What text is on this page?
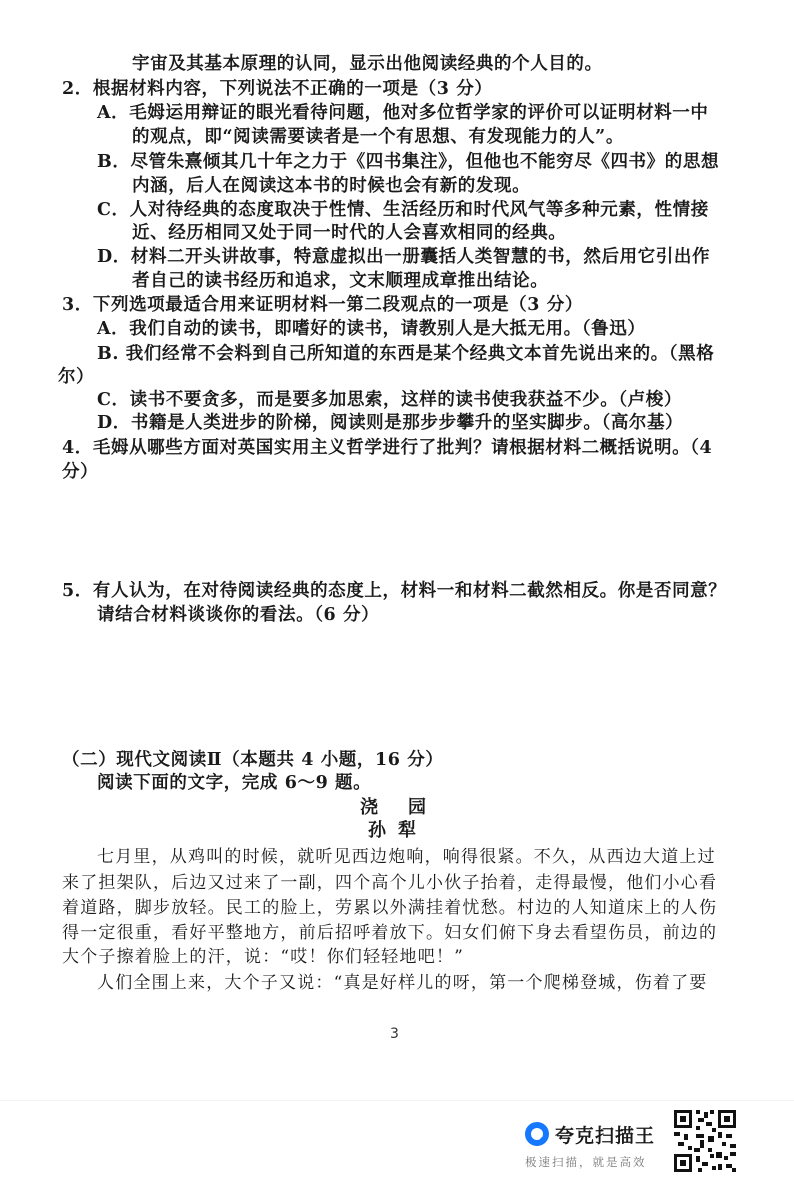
宇宙及其基本原理的认同，显示出他阅读经典的个人目的。
2．根据材料内容，下列说法不正确的一项是（3 分）
A．毛姆运用辩证的眼光看待问题，他对多位哲学家的评价可以证明材料一中
的观点，即“阅读需要读者是一个有思想、有发现能力的人”。
B．尽管朱熹倾其几十年之力于《四书集注》，但他也不能穷尽《四书》的思想
内涵，后人在阅读这本书的时候也会有新的发现。
C．人对待经典的态度取决于性情、生活经历和时代风气等多种元素，性情接
近、经历相同又处于同一时代的人会喜欢相同的经典。
D．材料二开头讲故事，特意虚拟出一册囊括人类智慧的书，然后用它引出作
者自己的读书经历和追求，文末顺理成章推出结论。
3．下列选项最适合用来证明材料一第二段观点的一项是（3 分）
A．我们自动的读书，即嗜好的读书，请教别人是大抵无用。（鲁迅）
B. 我们经常不会料到自己所知道的东西是某个经典文本首先说出来的。（黑格
尔）
C．读书不要贪多，而是要多加思索，这样的读书使我获益不少。（卢梭）
D．书籍是人类进步的阶梯，阅读则是那步步攀升的坚实脚步。（高尔基）
4．毛姆从哪些方面对英国实用主义哲学进行了批判？请根据材料二概括说明。（4
分）
5．有人认为，在对待阅读经典的态度上，材料一和材料二截然相反。你是否同意？
请结合材料谈谈你的看法。（6 分）
（二）现代文阅读Ⅱ（本题共 4 小题，16 分）
阅读下面的文字，完成 6～9 题。
浇园
孙犁
七月里，从鸡叫的时候，就听见西边炮响，响得很紧。不久，从西边大道上过
来了担架队，后边又过来了一副，四个高个儿小伙子抬着，走得最慢，他们小心看
着道路，脚步放轻。民工的脸上，劳累以外满挂着忧愁。村边的人知道床上的人伤
得一定很重，看好平整地方，前后招呼着放下。妇女们俯下身去看望伤员，前边的
大个子擦着脸上的汗，说：“哎！你们轻轻地吧！”
人们全围上来，大个子又说：“真是好样儿的呀，第一个爬梯登城，伤着了要
3
夸克扫描王
极速扫描，就是高效
